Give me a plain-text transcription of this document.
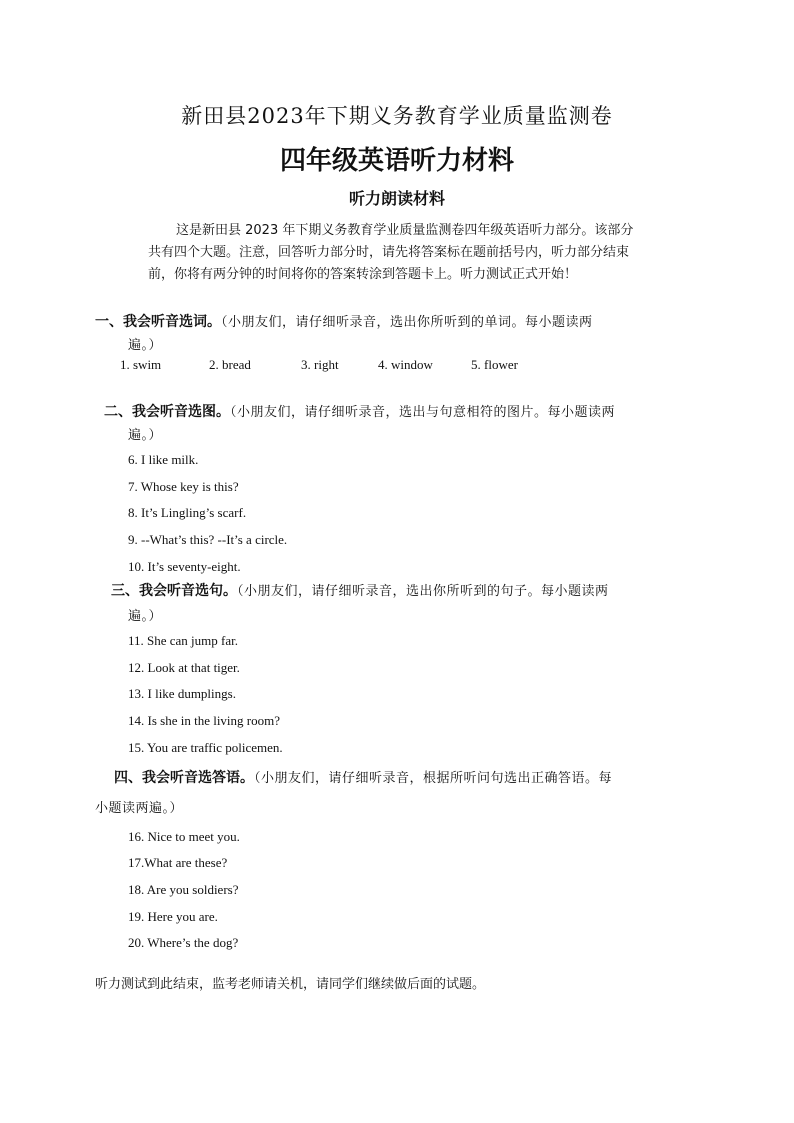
新田县2023年下期义务教育学业质量监测卷
四年级英语听力材料
听力朗读材料
这是新田县 2023 年下期义务教育学业质量监测卷四年级英语听力部分。该部分
共有四个大题。注意，回答听力部分时，请先将答案标在题前括号内，听力部分结束
前，你将有两分钟的时间将你的答案转涂到答题卡上。听力测试正式开始！
一、我会听音选词。（小朋友们，请仔细听录音，选出你所听到的单词。每小题读两
遍。）
1. swim	2. bread	3. right	4. window	5. flower
二、我会听音选图。（小朋友们，请仔细听录音，选出与句意相符的图片。每小题读两
遍。）
6. I like milk.
7. Whose key is this?
8. It’s Lingling’s scarf.
9. --What’s this? --It’s a circle.
10. It’s seventy-eight.
三、我会听音选句。（小朋友们，请仔细听录音，选出你所听到的句子。每小题读两
遍。）
11. She can jump far.
12. Look at that tiger.
13. I like dumplings.
14. Is she in the living room?
15. You are traffic policemen.
四、我会听音选答语。（小朋友们，请仔细听录音，根据所听问句选出正确答语。每
小题读两遍。）
16. Nice to meet you.
17.What are these?
18. Are you soldiers?
19. Here you are.
20. Where’s the dog?
听力测试到此结束，监考老师请关机，请同学们继续做后面的试题。
